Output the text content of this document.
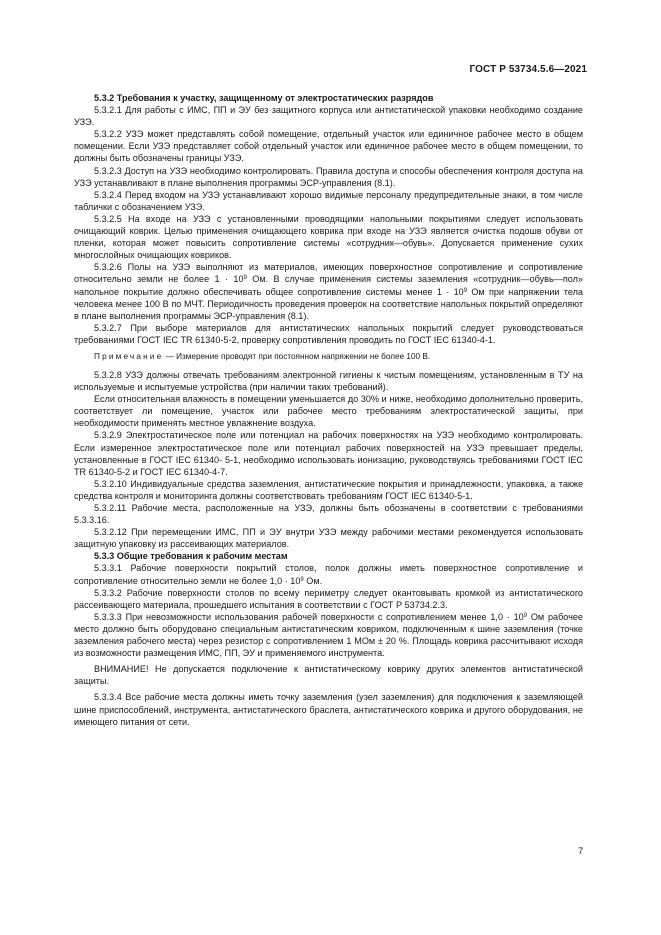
ГОСТ Р 53734.5.6—2021

5.3.2 Требования к участку, защищенному от электростатических разрядов

5.3.2.1 Для работы с ИМС, ПП и ЭУ без защитного корпуса или антистатической упаковки необходимо создание УЗЭ.

5.3.2.2 УЗЭ может представлять собой помещение, отдельный участок или единичное рабочее место в общем помещении. Если УЗЭ представляет собой отдельный участок или единичное рабочее место в общем помещении, то должны быть обозначены границы УЗЭ.

5.3.2.3 Доступ на УЗЭ необходимо контролировать. Правила доступа и способы обеспечения контроля доступа на УЗЭ устанавливают в плане выполнения программы ЭСР-управления (8.1).

5.3.2.4 Перед входом на УЗЭ устанавливают хорошо видимые персоналу предупредительные знаки, в том числе таблички с обозначением УЗЭ.

5.3.2.5 На входе на УЗЭ с установленными проводящими напольными покрытиями следует использовать очищающий коврик. Целью применения очищающего коврика при входе на УЗЭ является очистка подошв обуви от пленки, которая может повысить сопротивление системы «сотрудник—обувь». Допускается применение сухих многослойных очищающих ковриков.

5.3.2.6 Полы на УЗЭ выполняют из материалов, имеющих поверхностное сопротивление и сопротивление относительно земли не более $1 \cdot 10^9$ Ом. В случае применения системы заземления «сотрудник—обувь—пол» напольное покрытие должно обеспечивать общее сопротивление системы менее $1 \cdot 10^9$ Ом при напряжении тела человека менее 100 В по МЧТ. Периодичность проведения проверок на соответствие напольных покрытий определяют в плане выполнения программы ЭСР-управления (8.1).

5.3.2.7 При выборе материалов для антистатических напольных покрытий следует руководствоваться требованиями ГОСТ IEC TR 61340-5-2, проверку сопротивления проводить по ГОСТ IEC 61340-4-1.

Примечание — Измерение проводят при постоянном напряжении не более 100 В.

5.3.2.8 УЗЭ должны отвечать требованиям электронной гигиены к чистым помещениям, установленным в ТУ на используемые и испытуемые устройства (при наличии таких требований).

Если относительная влажность в помещении уменьшается до 30% и ниже, необходимо дополнительно проверить, соответствует ли помещение, участок или рабочее место требованиям электростатической защиты, при необходимости применять местное увлажнение воздуха.

5.3.2.9 Электростатическое поле или потенциал на рабочих поверхностях на УЗЭ необходимо контролировать. Если измеренное электростатическое поле или потенциал рабочих поверхностей на УЗЭ превышает пределы, установленные в ГОСТ IEC 61340- 5-1, необходимо использовать ионизацию, руководствуясь требованиями ГОСТ IEC TR 61340-5-2 и ГОСТ IEC 61340-4-7.

5.3.2.10 Индивидуальные средства заземления, антистатические покрытия и принадлежности, упаковка, а также средства контроля и мониторинга должны соответствовать требованиям ГОСТ IEC 61340-5-1.

5.3.2.11 Рабочие места, расположенные на УЗЭ, должны быть обозначены в соответствии с требованиями 5.3.3.16.

5.3.2.12 При перемещении ИМС, ПП и ЭУ внутри УЗЭ между рабочими местами рекомендуется использовать защитную упаковку из рассеивающих материалов.

5.3.3 Общие требования к рабочим местам

5.3.3.1 Рабочие поверхности покрытий столов, полок должны иметь поверхностное сопротивление и сопротивление относительно земли не более $1,0 \cdot 10^9$ Ом.

5.3.3.2 Рабочие поверхности столов по всему периметру следует окантовывать кромкой из антистатического рассеивающего материала, прошедшего испытания в соответствии с ГОСТ Р 53734.2.3.

5.3.3.3 При невозможности использования рабочей поверхности с сопротивлением менее $1,0 \cdot 10^9$ Ом рабочее место должно быть оборудовано специальным антистатическим ковриком, подключенным к шине заземления (точке заземления рабочего места) через резистор с сопротивлением 1 МОм ± 20 %. Площадь коврика рассчитывают исходя из возможности размещения ИМС, ПП, ЭУ и применяемого инструмента.

ВНИМАНИЕ! Не допускается подключение к антистатическому коврику других элементов антистатической защиты.

5.3.3.4 Все рабочие места должны иметь точку заземления (узел заземления) для подключения к заземляющей шине приспособлений, инструмента, антистатического браслета, антистатического коврика и другого оборудования, не имеющего питания от сети.

7
